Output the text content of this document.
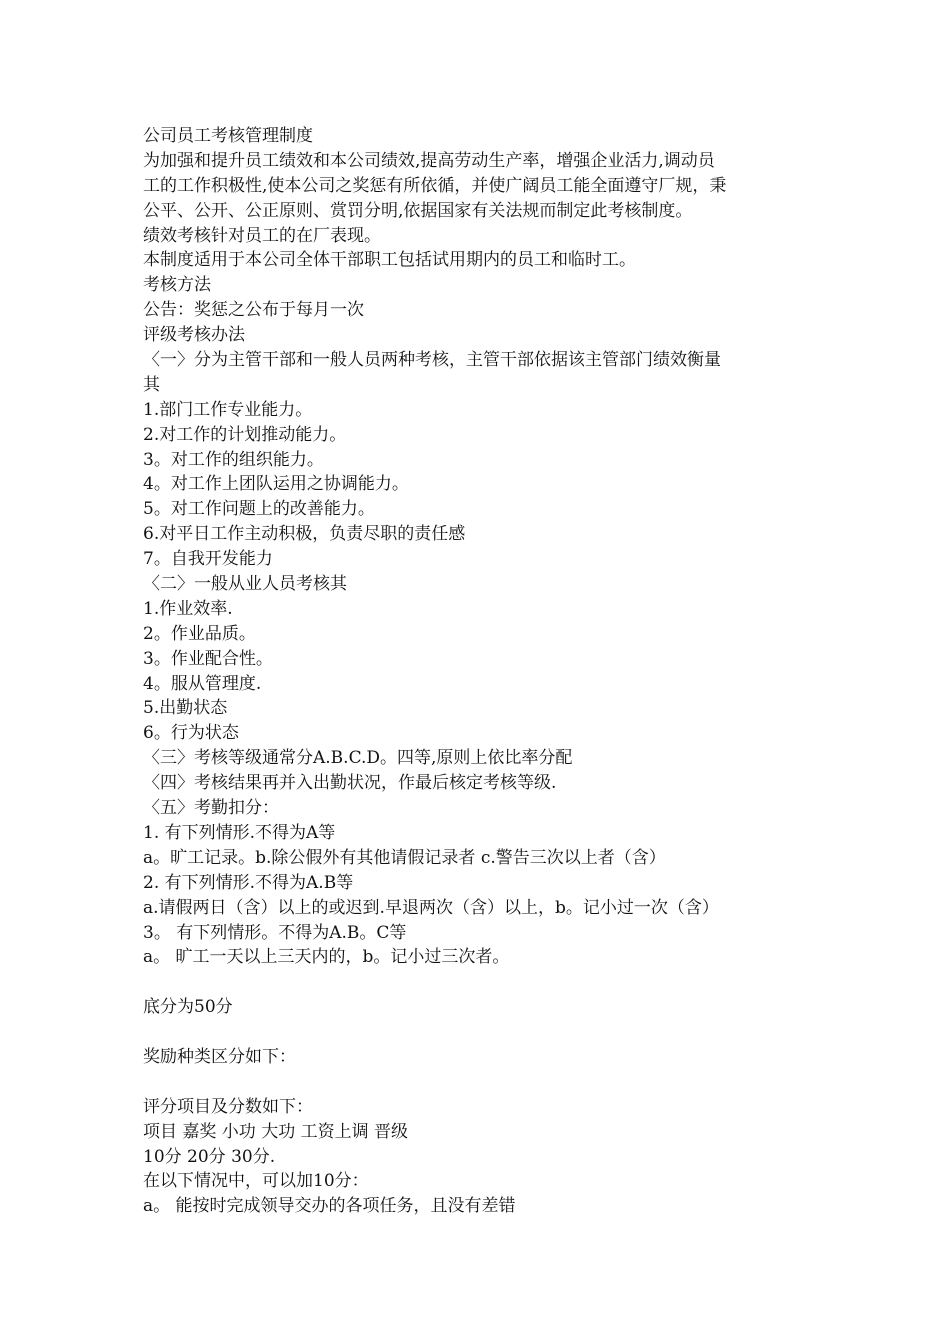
公司员工考核管理制度
为加强和提升员工绩效和本公司绩效,提高劳动生产率，增强企业活力,调动员
工的工作积极性,使本公司之奖惩有所依循，并使广阔员工能全面遵守厂规，秉
公平、公开、公正原则、赏罚分明,依据国家有关法规而制定此考核制度。
绩效考核针对员工的在厂表现。
本制度适用于本公司全体干部职工包括试用期内的员工和临时工。
考核方法
公告：奖惩之公布于每月一次
评级考核办法
〈一〉分为主管干部和一般人员两种考核，主管干部依据该主管部门绩效衡量
其
1.部门工作专业能力。
2.对工作的计划推动能力。
3。对工作的组织能力。
4。对工作上团队运用之协调能力。
5。对工作问题上的改善能力。
6.对平日工作主动积极，负责尽职的责任感
7。自我开发能力
〈二〉一般从业人员考核其
1.作业效率.
2。作业品质。
3。作业配合性。
4。服从管理度.
5.出勤状态
6。行为状态
〈三〉考核等级通常分A.B.C.D。四等,原则上依比率分配
〈四〉考核结果再并入出勤状况，作最后核定考核等级.
〈五〉考勤扣分：
1. 有下列情形.不得为A等
a。旷工记录。b.除公假外有其他请假记录者 c.警告三次以上者（含）
2. 有下列情形.不得为A.B等
a.请假两日（含）以上的或迟到.早退两次（含）以上，b。记小过一次（含）
3。 有下列情形。不得为A.B。C等
a。 旷工一天以上三天内的，b。记小过三次者。
底分为50分
奖励种类区分如下：
评分项目及分数如下：
项目 嘉奖 小功 大功 工资上调 晋级
10分 20分 30分.
在以下情况中，可以加10分：
a。 能按时完成领导交办的各项任务，且没有差错
